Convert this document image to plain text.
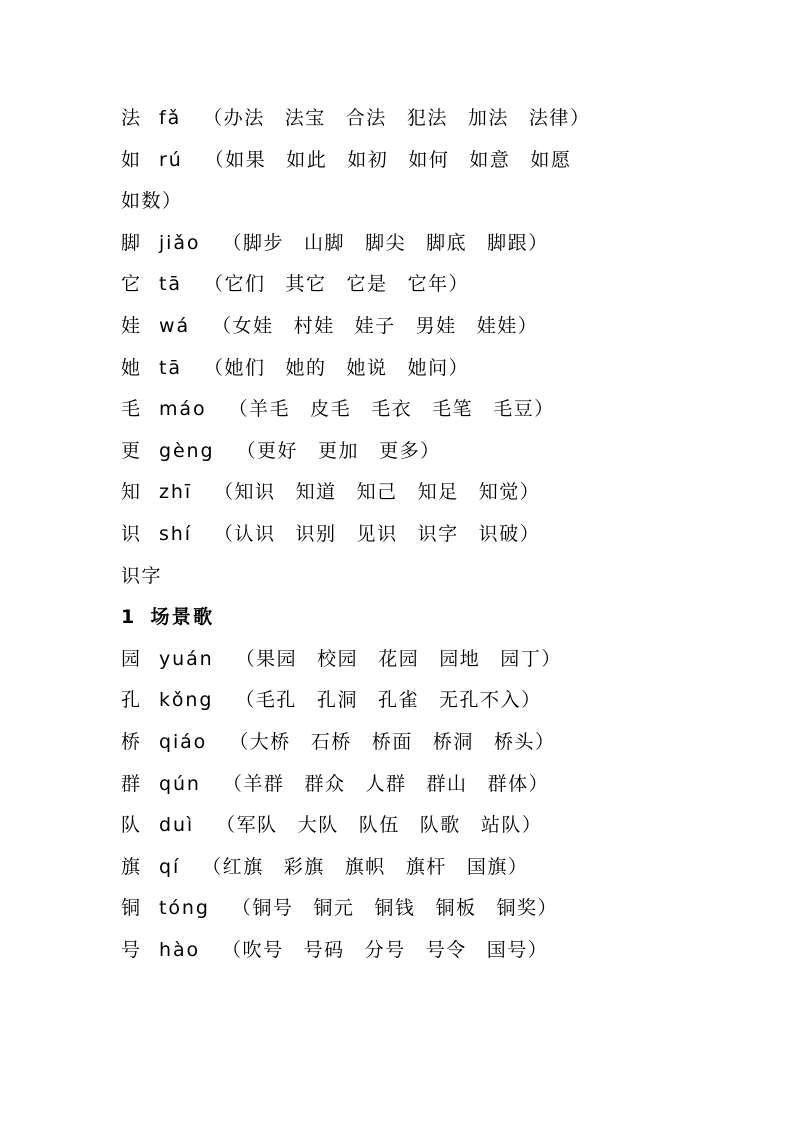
法 fǎ （办法 法宝 合法 犯法 加法 法律）
如 rú （如果 如此 如初 如何 如意 如愿
如数）
脚 jiǎo （脚步 山脚 脚尖 脚底 脚跟）
它 tā （它们 其它 它是 它年）
娃 wá （女娃 村娃 娃子 男娃 娃娃）
她 tā （她们 她的 她说 她问）
毛 máo （羊毛 皮毛 毛衣 毛笔 毛豆）
更 gèng （更好 更加 更多）
知 zhī （知识 知道 知己 知足 知觉）
识 shí （认识 识别 见识 识字 识破）
识字
1 场景歌
园 yuán （果园 校园 花园 园地 园丁）
孔 kǒng （毛孔 孔洞 孔雀 无孔不入）
桥 qiáo （大桥 石桥 桥面 桥洞 桥头）
群 qún （羊群 群众 人群 群山 群体）
队 duì （军队 大队 队伍 队歌 站队）
旗 qí （红旗 彩旗 旗帜 旗杆 国旗）
铜 tóng （铜号 铜元 铜钱 铜板 铜奖）
号 hào （吹号 号码 分号 号令 国号）
